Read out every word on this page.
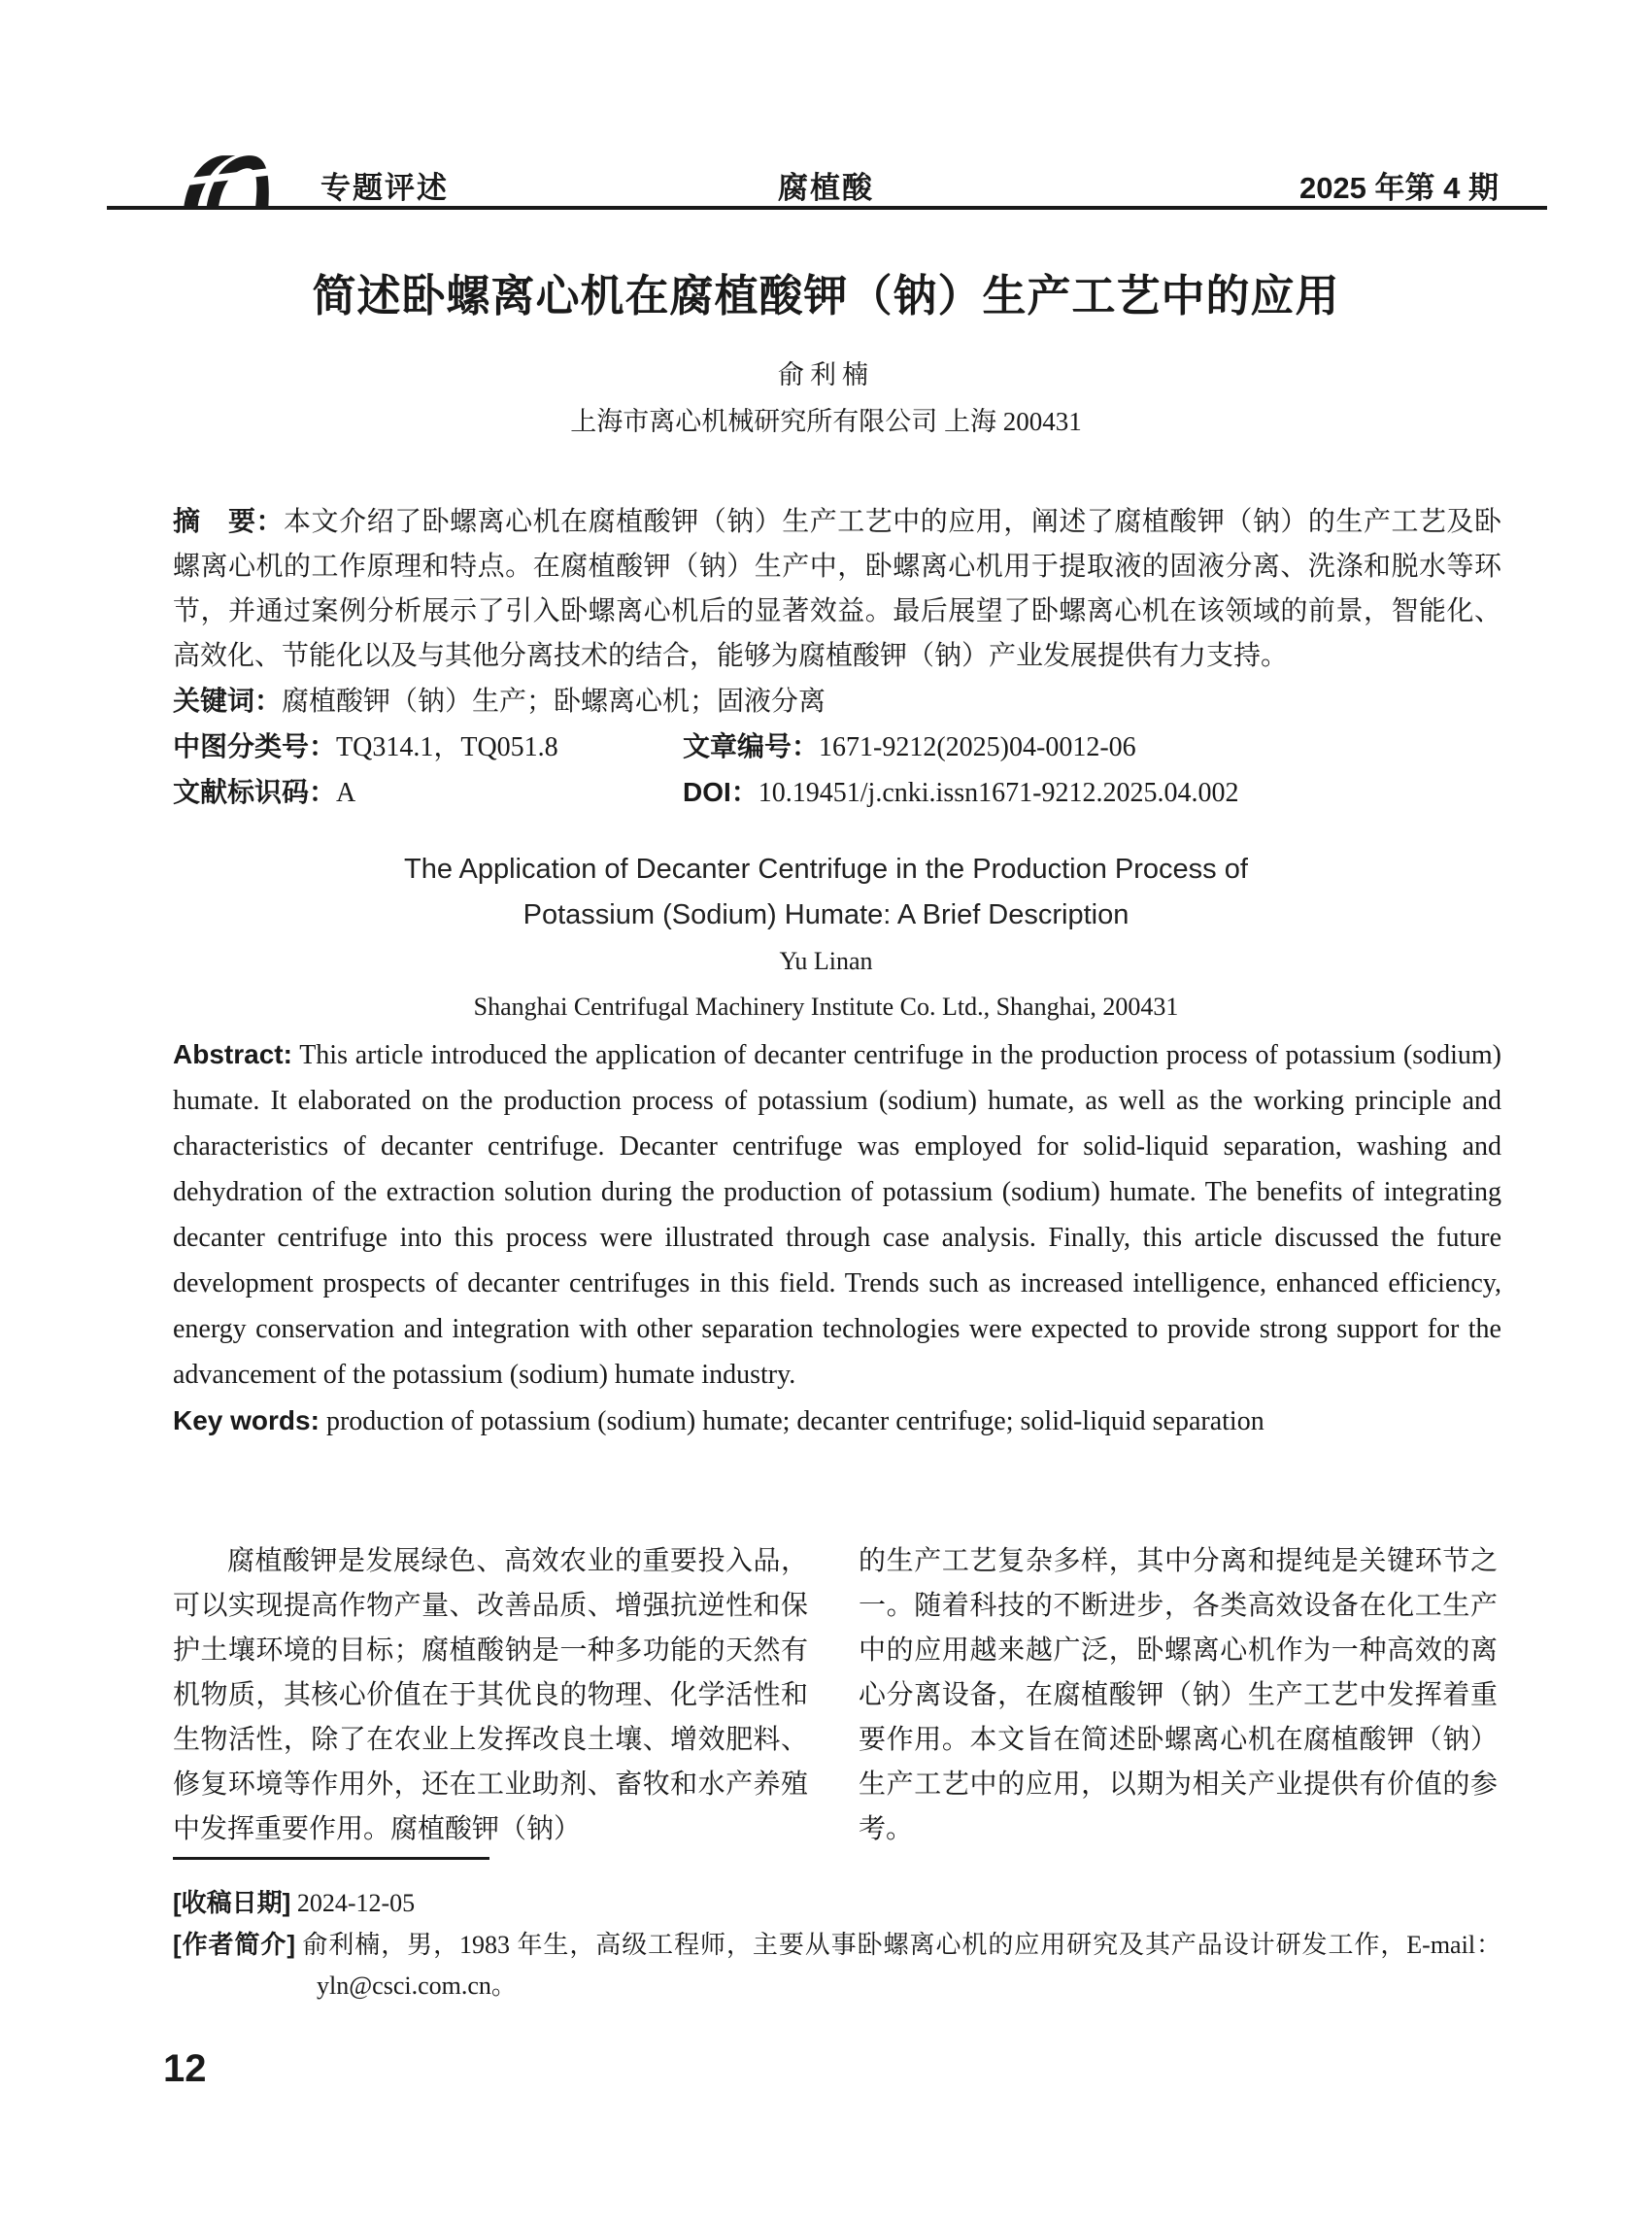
专题评述	腐植酸	2025 年第 4 期
简述卧螺离心机在腐植酸钾（钠）生产工艺中的应用
俞利楠
上海市离心机械研究所有限公司 上海 200431

摘　要：本文介绍了卧螺离心机在腐植酸钾（钠）生产工艺中的应用，阐述了腐植酸钾（钠）的生产工艺及卧螺离心机的工作原理和特点。在腐植酸钾（钠）生产中，卧螺离心机用于提取液的固液分离、洗涤和脱水等环节，并通过案例分析展示了引入卧螺离心机后的显著效益。最后展望了卧螺离心机在该领域的前景，智能化、高效化、节能化以及与其他分离技术的结合，能够为腐植酸钾（钠）产业发展提供有力支持。

关键词：腐植酸钾（钠）生产；卧螺离心机；固液分离

中图分类号：TQ314.1，TQ051.8	文章编号：1671-9212(2025)04-0012-06

文献标识码：A	DOI：10.19451/j.cnki.issn1671-9212.2025.04.002

The Application of Decanter Centrifuge in the Production Process of
Potassium (Sodium) Humate: A Brief Description
Yu Linan
Shanghai Centrifugal Machinery Institute Co. Ltd., Shanghai, 200431

Abstract: This article introduced the application of decanter centrifuge in the production process of potassium (sodium) humate. It elaborated on the production process of potassium (sodium) humate, as well as the working principle and characteristics of decanter centrifuge. Decanter centrifuge was employed for solid-liquid separation, washing and dehydration of the extraction solution during the production of potassium (sodium) humate. The benefits of integrating decanter centrifuge into this process were illustrated through case analysis. Finally, this article discussed the future development prospects of decanter centrifuges in this field. Trends such as increased intelligence, enhanced efficiency, energy conservation and integration with other separation technologies were expected to provide strong support for the advancement of the potassium (sodium) humate industry.

Key words: production of potassium (sodium) humate; decanter centrifuge; solid-liquid separation

腐植酸钾是发展绿色、高效农业的重要投入品，可以实现提高作物产量、改善品质、增强抗逆性和保护土壤环境的目标；腐植酸钠是一种多功能的天然有机物质，其核心价值在于其优良的物理、化学活性和生物活性，除了在农业上发挥改良土壤、增效肥料、修复环境等作用外，还在工业助剂、畜牧和水产养殖中发挥重要作用。腐植酸钾（钠）

的生产工艺复杂多样，其中分离和提纯是关键环节之一。随着科技的不断进步，各类高效设备在化工生产中的应用越来越广泛，卧螺离心机作为一种高效的离心分离设备，在腐植酸钾（钠）生产工艺中发挥着重要作用。本文旨在简述卧螺离心机在腐植酸钾（钠）生产工艺中的应用，以期为相关产业提供有价值的参考。

[收稿日期] 2024-12-05

[作者简介] 俞利楠，男，1983 年生，高级工程师，主要从事卧螺离心机的应用研究及其产品设计研发工作，E-mail：yln@csci.com.cn。

12
